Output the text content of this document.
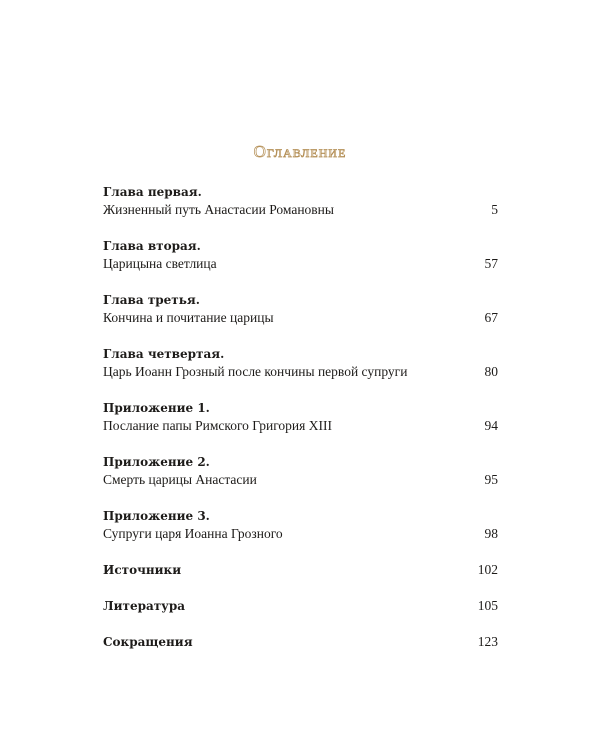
Оглавление
Глава первая.
Жизненный путь Анастасии Романовны	5
Глава вторая.
Царицына светлица	57
Глава третья.
Кончина и почитание царицы	67
Глава четвертая.
Царь Иоанн Грозный после кончины первой супруги	80
Приложение 1.
Послание папы Римского Григория XIII	94
Приложение 2.
Смерть царицы Анастасии	95
Приложение 3.
Супруги царя Иоанна Грозного	98
Источники	102
Литература	105
Сокращения	123
